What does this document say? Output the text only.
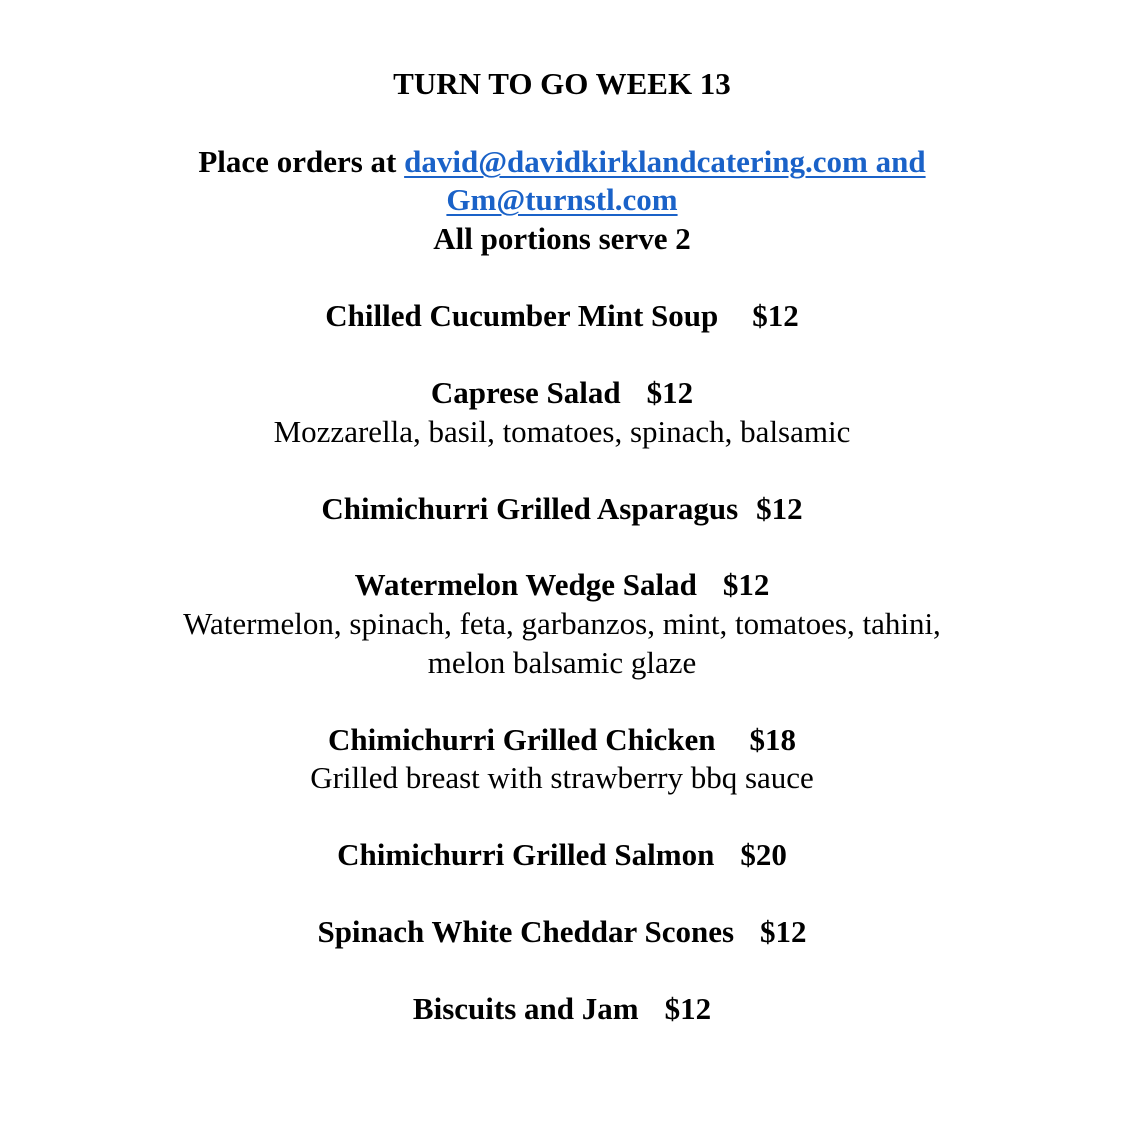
TURN TO GO WEEK 13
Place orders at david@davidkirklandcatering.com and
Gm@turnstl.com
All portions serve 2
Chilled Cucumber Mint Soup $12
Caprese Salad $12
Mozzarella, basil, tomatoes, spinach, balsamic
Chimichurri Grilled Asparagus $12
Watermelon Wedge Salad $12
Watermelon, spinach, feta, garbanzos, mint, tomatoes, tahini,
melon balsamic glaze
Chimichurri Grilled Chicken $18
Grilled breast with strawberry bbq sauce
Chimichurri Grilled Salmon $20
Spinach White Cheddar Scones $12
Biscuits and Jam $12
